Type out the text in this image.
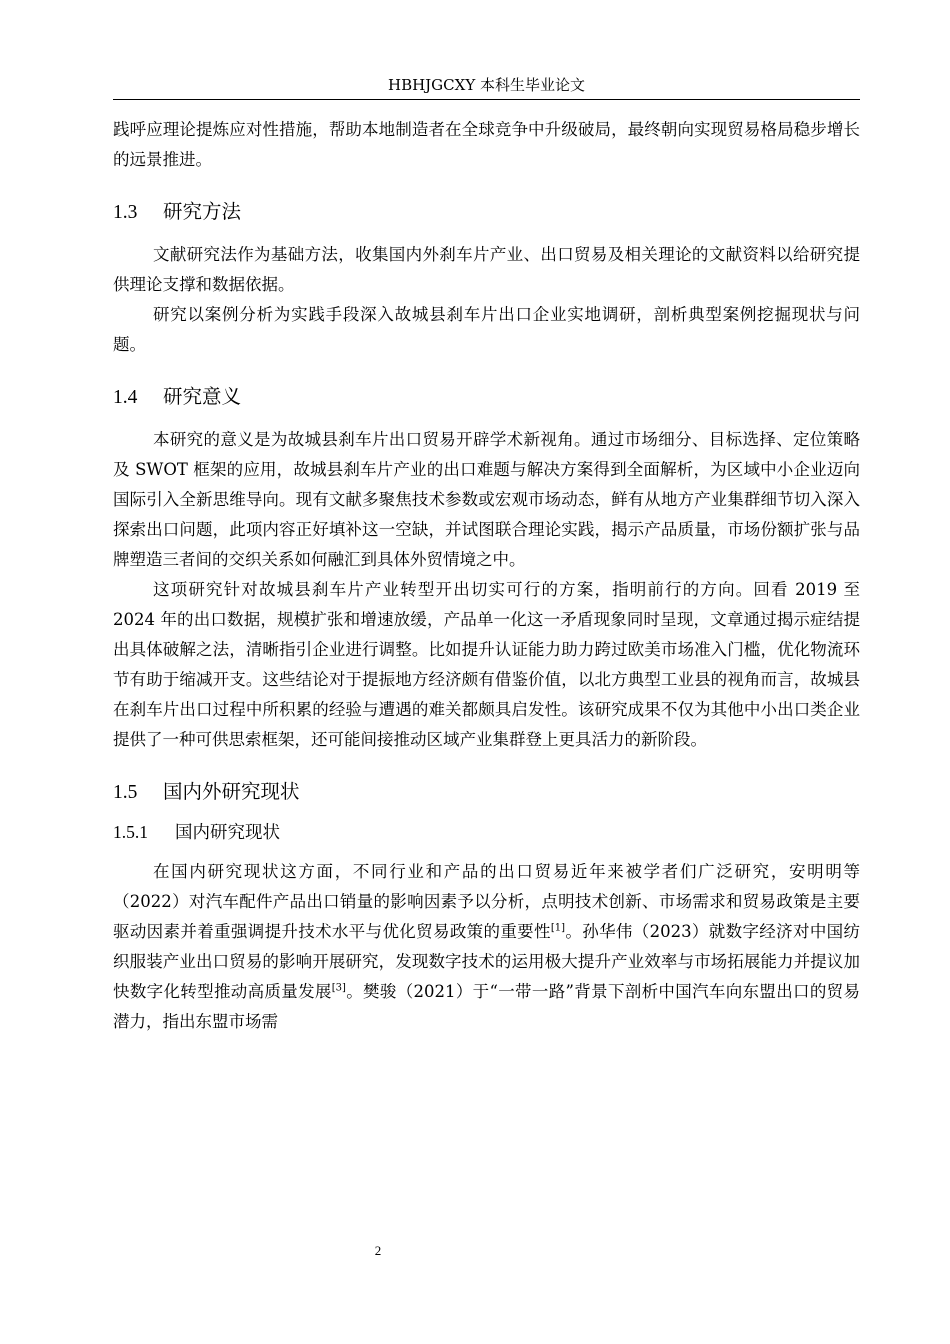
HBHJGCXY 本科生毕业论文

践呼应理论提炼应对性措施，帮助本地制造者在全球竞争中升级破局，最终朝向实现贸易格局稳步增长的远景推进。

1.3 研究方法

文献研究法作为基础方法，收集国内外刹车片产业、出口贸易及相关理论的文献资料以给研究提供理论支撑和数据依据。

研究以案例分析为实践手段深入故城县刹车片出口企业实地调研，剖析典型案例挖掘现状与问题。

1.4 研究意义

本研究的意义是为故城县刹车片出口贸易开辟学术新视角。通过市场细分、目标选择、定位策略及 SWOT 框架的应用，故城县刹车片产业的出口难题与解决方案得到全面解析，为区域中小企业迈向国际引入全新思维导向。现有文献多聚焦技术参数或宏观市场动态，鲜有从地方产业集群细节切入深入探索出口问题，此项内容正好填补这一空缺，并试图联合理论实践，揭示产品质量，市场份额扩张与品牌塑造三者间的交织关系如何融汇到具体外贸情境之中。

这项研究针对故城县刹车片产业转型开出切实可行的方案，指明前行的方向。回看 2019 至 2024 年的出口数据，规模扩张和增速放缓，产品单一化这一矛盾现象同时呈现，文章通过揭示症结提出具体破解之法，清晰指引企业进行调整。比如提升认证能力助力跨过欧美市场准入门槛，优化物流环节有助于缩减开支。这些结论对于提振地方经济颇有借鉴价值，以北方典型工业县的视角而言，故城县在刹车片出口过程中所积累的经验与遭遇的难关都颇具启发性。该研究成果不仅为其他中小出口类企业提供了一种可供思索框架，还可能间接推动区域产业集群登上更具活力的新阶段。

1.5 国内外研究现状
1.5.1 国内研究现状

在国内研究现状这方面，不同行业和产品的出口贸易近年来被学者们广泛研究，安明明等（2022）对汽车配件产品出口销量的影响因素予以分析，点明技术创新、市场需求和贸易政策是主要驱动因素并着重强调提升技术水平与优化贸易政策的重要性[1]。孙华伟（2023）就数字经济对中国纺织服装产业出口贸易的影响开展研究，发现数字技术的运用极大提升产业效率与市场拓展能力并提议加快数字化转型推动高质量发展[3]。樊骏（2021）于“一带一路”背景下剖析中国汽车向东盟出口的贸易潜力，指出东盟市场需

2
